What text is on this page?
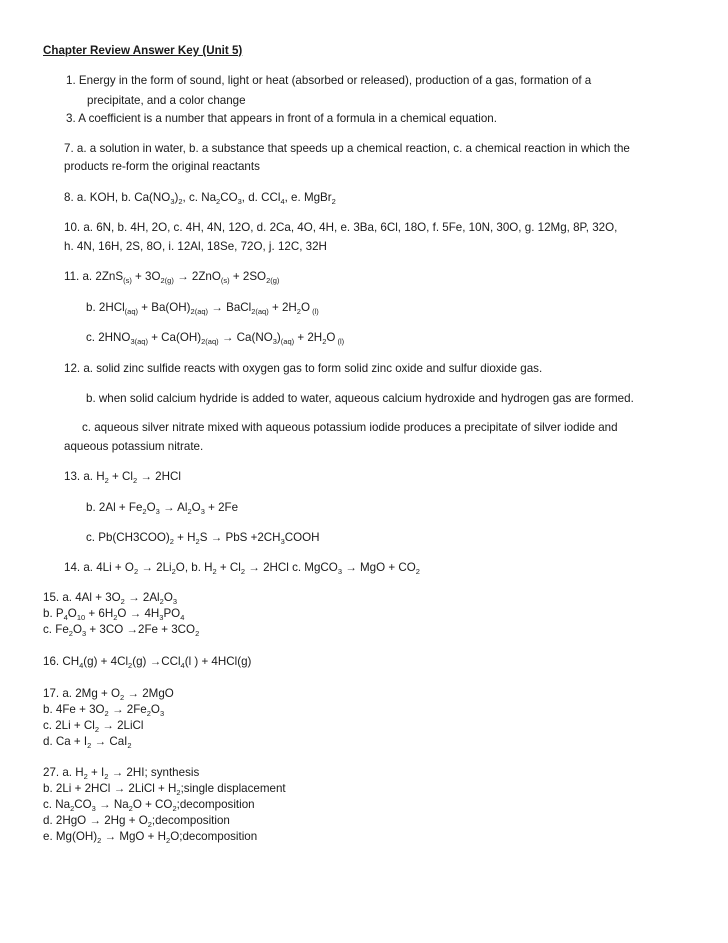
Chapter Review Answer Key (Unit 5)
1. Energy in the form of sound, light or heat (absorbed or released), production of a gas, formation of a
precipitate, and a color change
3. A coefficient is a number that appears in front of a formula in a chemical equation.
7. a. a solution in water, b. a substance that speeds up a chemical reaction, c. a chemical reaction in which the
products re-form the original reactants
8. a. KOH, b. $Ca(NO_3)_2$, c. $Na_2CO_3$, d. CCl$_4$, e. MgBr$_2$
10. a. 6N, b. 4H, 2O, c. 4H, 4N, 12O, d. 2Ca, 4O, 4H, e. 3Ba, 6Cl, 18O, f. 5Fe, 10N, 30O, g. 12Mg, 8P, 32O,
h. 4N, 16H, 2S, 8O, i. 12Al, 18Se, 72O, j. 12C, 32H
11. a. $2ZnS_{(s)} + 3O_{2(g)} \to 2ZnO_{(s)} + 2SO_{2(g)}$
b. $2HCl_{(aq)} + Ba(OH)_{2(aq)}$ → BaCl$_{2(aq)}$ + $2H_2O$ $_{(l)}$
c. $2HNO_{3(aq)} + Ca(OH)_{2(aq)} \to Ca(NO_3)_{(aq)} + 2H_2O$ $_{(l)}$
12. a. solid zinc sulfide reacts with oxygen gas to form solid zinc oxide and sulfur dioxide gas.
b. when solid calcium hydride is added to water, aqueous calcium hydroxide and hydrogen gas are formed.
c. aqueous silver nitrate mixed with aqueous potassium iodide produces a precipitate of silver iodide and
aqueous potassium nitrate.
13. a. $H_2 + Cl_2 \to 2HCl$
b. $2Al + Fe_2O_3 \to Al_2O_3 + 2Fe$
c. $Pb(CH3COO)_2 + H_2S$ → PbS $+2CH_3COOH$
14. a. $4Li + O_2 \to 2Li_2O$, b. $H_2 + Cl_2 \to 2HCl$ c. MgCO$_3$ → MgO + $CO_2$
15. a. $4Al + 3O_2 \to 2Al_2O_3$
b. $P_4O_{10} + 6H_2O \to 4H_3PO_4$
c. $Fe_2O_3 + 3CO \to 2Fe + 3CO_2$
16. $CH_4(g) + 4Cl_2(g) \to CCl_4(l$ ) + 4HCl(g)
17. a. $2Mg + O_2 \to 2MgO$
b. $4Fe + 3O_2 \to 2Fe_2O_3$
c. $2Li + Cl_2$ → 2LiCl
d. $Ca + I_2 \to CaI_2$
27. a. $H_2 + I_2 \to 2HI$; synthesis
b. 2Li + 2HCl → 2LiCl + $H_2;single$ displacement
c. $Na_2CO_3 \to Na_2O$ + $CO_2;decomposition$
d. $2HgO \to 2Hg + O_2;decomposition$
e. $Mg(OH)_2$ → MgO + $H_2O;decomposition$
